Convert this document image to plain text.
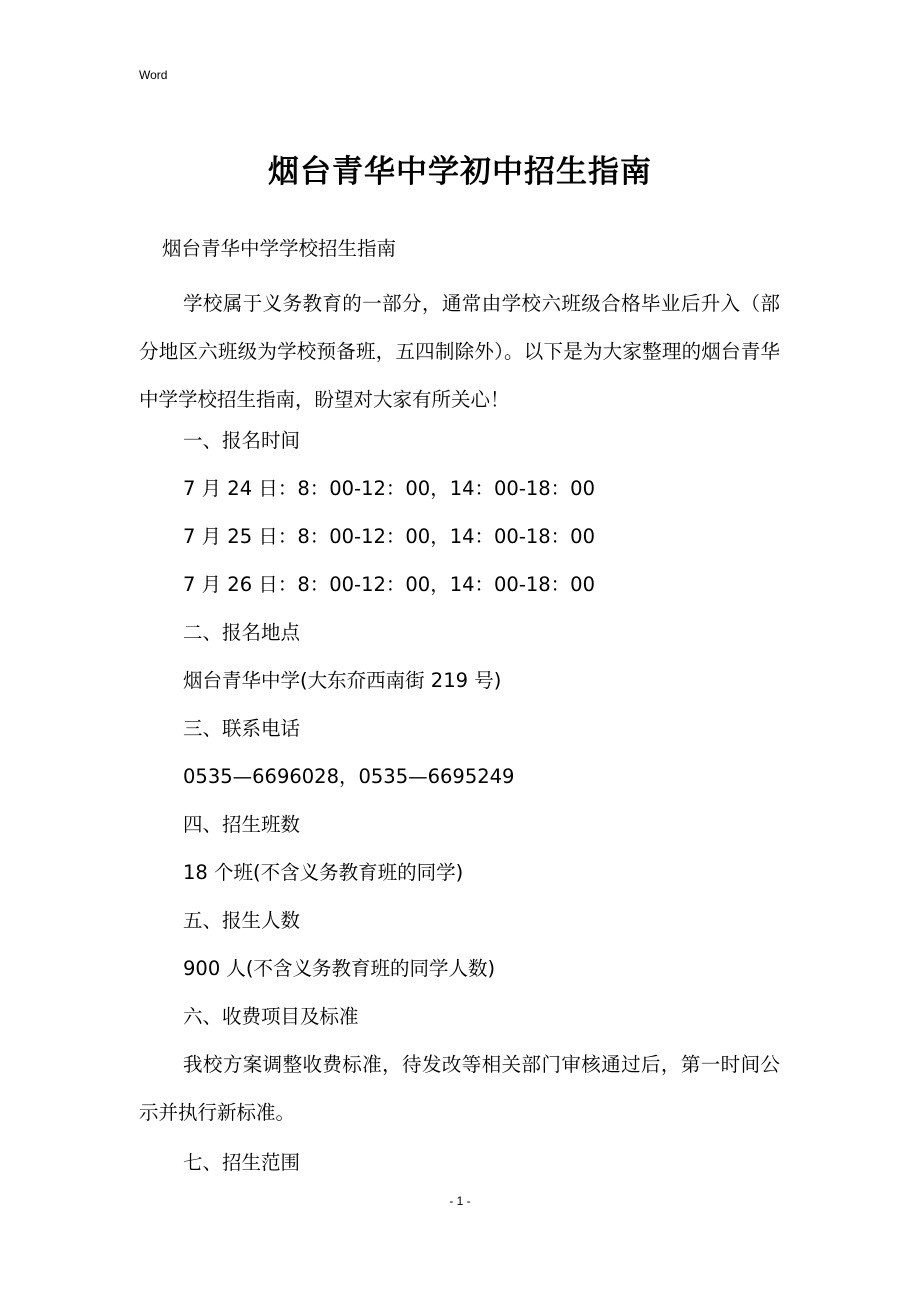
Word
烟台青华中学初中招生指南

烟台青华中学学校招生指南

学校属于义务教育的一部分，通常由学校六班级合格毕业后升入（部分地区六班级为学校预备班，五四制除外）。以下是为大家整理的烟台青华中学学校招生指南，盼望对大家有所关心！

一、报名时间

7 月 24 日：8：00-12：00，14：00-18：00

7 月 25 日：8：00-12：00，14：00-18：00

7 月 26 日：8：00-12：00，14：00-18：00

二、报名地点

烟台青华中学(大东夼西南街 219 号)

三、联系电话

0535—6696028，0535—6695249

四、招生班数

18 个班(不含义务教育班的同学)

五、报生人数

900 人(不含义务教育班的同学人数)

六、收费项目及标准

我校方案调整收费标准，待发改等相关部门审核通过后，第一时间公示并执行新标准。

七、招生范围

- 1 -
